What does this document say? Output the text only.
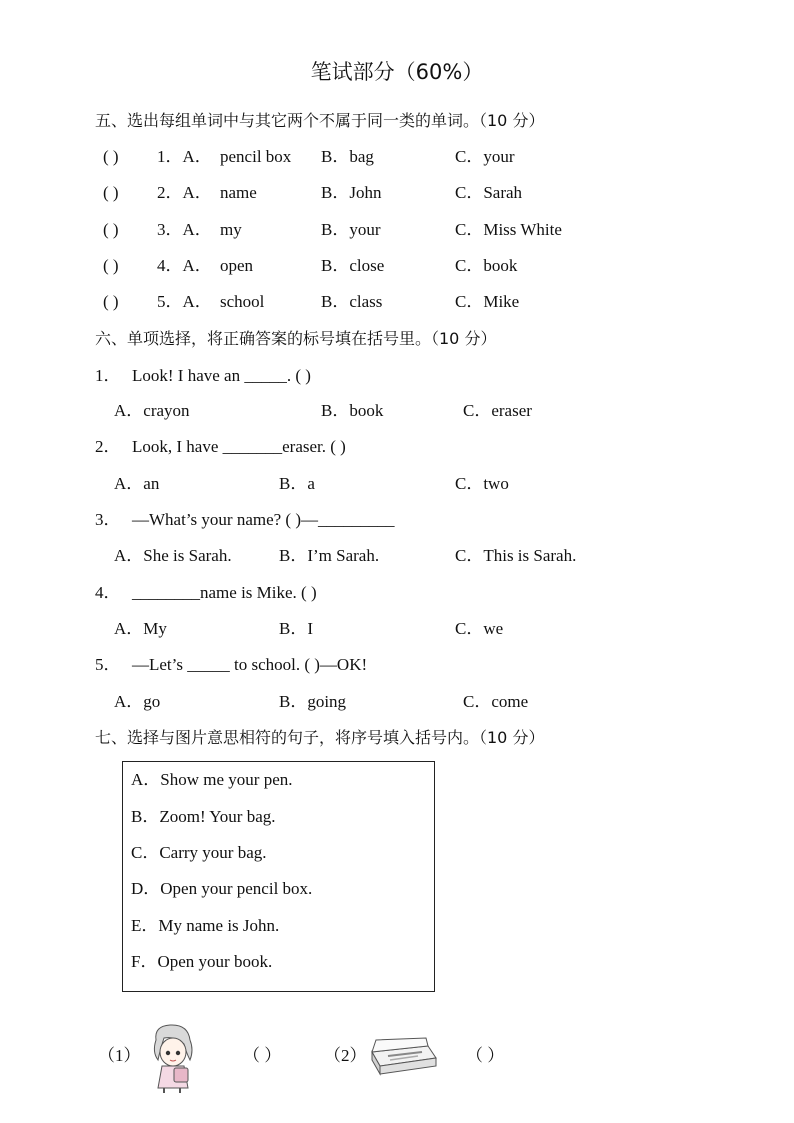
笔试部分（60%）
五、选出每组单词中与其它两个不属于同一类的单词。（10 分）
( ) 1．A． pencil box B．bag	C．your
( ) 2．A． name	B．John	C．Sarah
( ) 3．A． my	B．your	C．Miss White
( ) 4．A． open	B．close	C．book
( ) 5．A． school	B．class	C．Mike
六、单项选择，将正确答案的标号填在括号里。（10 分）
1． Look! I have an _____. ( )
A．crayon	B．book	C．eraser
2． Look, I have _______eraser. ( )
A．an	B．a	C．two
3． —What’s your name? ( )—_________
A．She is Sarah.	B．I’m Sarah.	C．This is Sarah.
4． ________name is Mike. ( )
A．My	B．I	C．we
5． —Let’s _____ to school. ( )—OK!
A．go	B．going	C．come
七、选择与图片意思相符的句子，将序号填入括号内。（10 分）
A．Show me your pen.
B．Zoom! Your bag.
C．Carry your bag.
D．Open your pencil box.
E．My name is John.
F．Open your book.
（1）	（ ）	（2）	（ ）
